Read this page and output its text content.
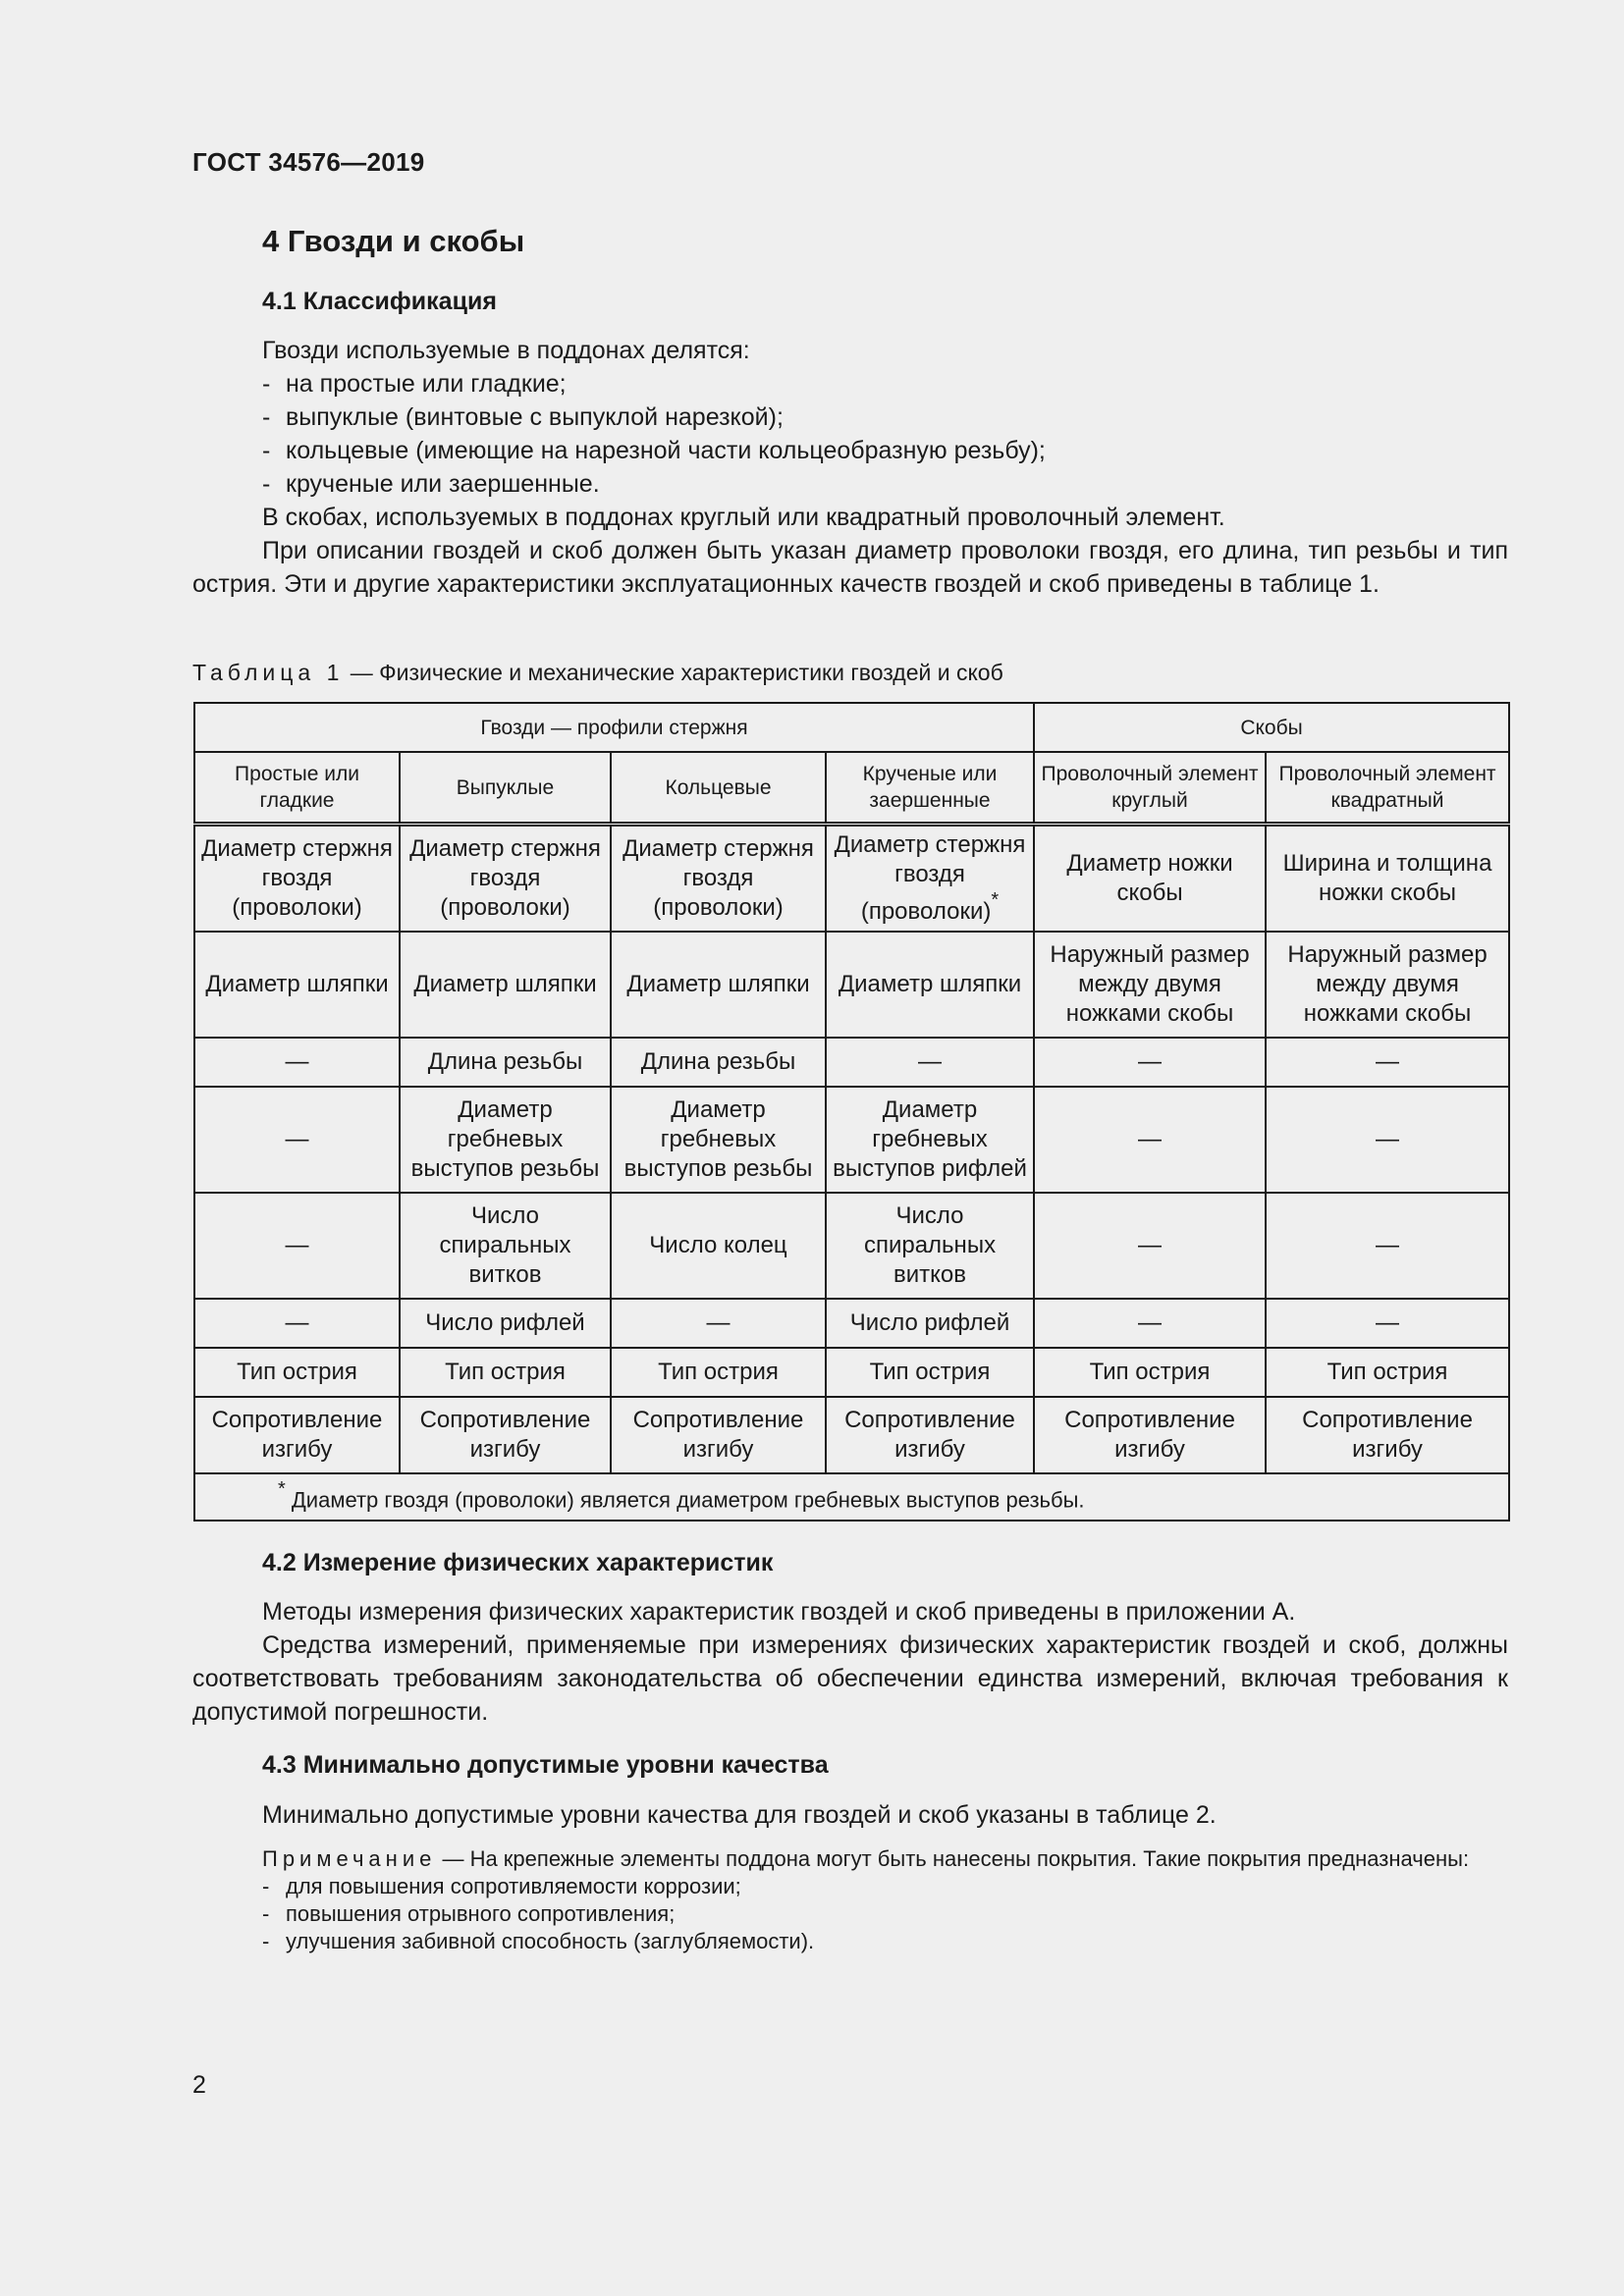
ГОСТ 34576—2019
4 Гвозди и скобы
4.1 Классификация

Гвозди используемые в поддонах делятся:

- на простые или гладкие;
- выпуклые (винтовые с выпуклой нарезкой);
- кольцевые (имеющие на нарезной части кольцеобразную резьбу);
- крученые или заершенные.

В скобах, используемых в поддонах круглый или квадратный проволочный элемент.

При описании гвоздей и скоб должен быть указан диаметр проволоки гвоздя, его длина, тип резьбы и тип острия. Эти и другие характеристики эксплуатационных качеств гвоздей и скоб приведены в таблице 1.

Таблица 1 — Физические и механические характеристики гвоздей и скоб
Гвозди — профили стержня				Скобы	
Простые или гладкие	Выпуклые	Кольцевые	Крученые или заершенные	Проволочный элемент круглый	Проволочный элемент квадратный
Диаметр стержня гвоздя (проволоки)	Диаметр стержня гвоздя (проволоки)	Диаметр стержня гвоздя (проволоки)	Диаметр стержня гвоздя (проволоки)*	Диаметр ножки скобы	Ширина и толщина ножки скобы
Диаметр шляпки	Диаметр шляпки	Диаметр шляпки	Диаметр шляпки	Наружный размер между двумя ножками скобы	Наружный размер между двумя ножками скобы
—	Длина резьбы	Длина резьбы	—	—	—
—	Диаметр гребневых выступов резьбы	Диаметр гребневых выступов резьбы	Диаметр гребневых выступов рифлей	—	—
—	Число спиральных витков	Число колец	Число спиральных витков	—	—
—	Число рифлей	—	Число рифлей	—	—
Тип острия	Тип острия	Тип острия	Тип острия	Тип острия	Тип острия
Сопротивление изгибу	Сопротивление изгибу	Сопротивление изгибу	Сопротивление изгибу	Сопротивление изгибу	Сопротивление изгибу
* Диаметр гвоздя (проволоки) является диаметром гребневых выступов резьбы.					
4.2 Измерение физических характеристик

Методы измерения физических характеристик гвоздей и скоб приведены в приложении А.

Средства измерений, применяемые при измерениях физических характеристик гвоздей и скоб, должны соответствовать требованиям законодательства об обеспечении единства измерений, включая требования к допустимой погрешности.

4.3 Минимально допустимые уровни качества

Минимально допустимые уровни качества для гвоздей и скоб указаны в таблице 2.

Примечание — На крепежные элементы поддона могут быть нанесены покрытия. Такие покрытия предназначены:

- для повышения сопротивляемости коррозии;
- повышения отрывного сопротивления;
- улучшения забивной способность (заглубляемости).
2
